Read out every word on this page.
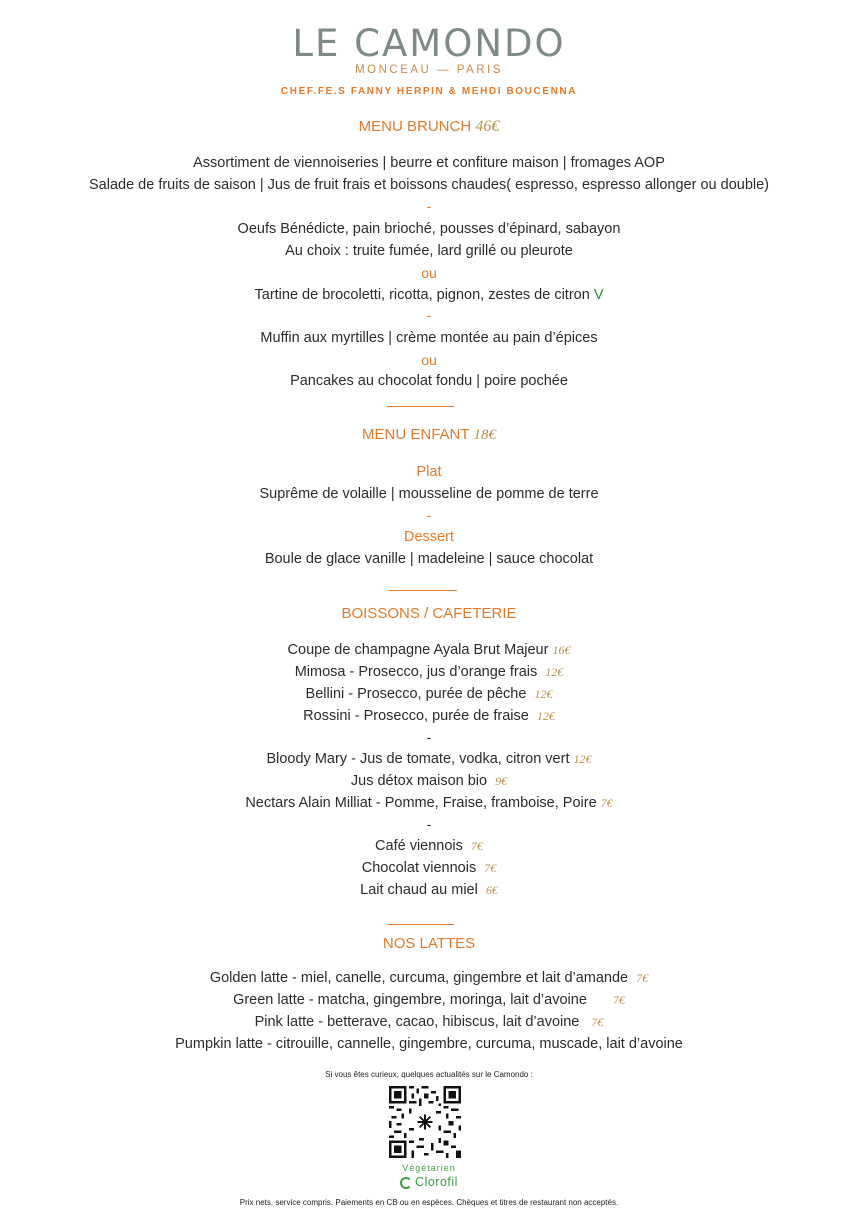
LE CAMONDO
MONCEAU — PARIS
CHEF.FE.S FANNY HERPIN & MEHDI BOUCENNA
MENU BRUNCH 46€
Assortiment de viennoiseries | beurre et confiture maison | fromages AOP
Salade de fruits de saison | Jus de fruit frais et boissons chaudes( espresso, espresso allonger ou double)
-
Oeufs Bénédicte, pain brioché, pousses d’épinard, sabayon
Au choix : truite fumée, lard grillé ou pleurote
ou
Tartine de brocoletti, ricotta, pignon, zestes de citron V
-
Muffin aux myrtilles | crème montée au pain d’épices
ou
Pancakes au chocolat fondu | poire pochée
MENU ENFANT 18€
Plat
Suprême de volaille | mousseline de pomme de terre
-
Dessert
Boule de glace vanille | madeleine | sauce chocolat
BOISSONS / CAFETERIE
Coupe de champagne Ayala Brut Majeur 16€
Mimosa - Prosecco, jus d’orange frais 12€
Bellini - Prosecco, purée de pêche 12€
Rossini - Prosecco, purée de fraise 12€
-
Bloody Mary - Jus de tomate, vodka, citron vert 12€
Jus détox maison bio 9€
Nectars Alain Milliat - Pomme, Fraise, framboise, Poire 7€
-
Café viennois 7€
Chocolat viennois 7€
Lait chaud au miel 6€
NOS LATTES
Golden latte - miel, canelle, curcuma, gingembre et lait d’amande 7€
Green latte - matcha, gingembre, moringa, lait d’avoine 7€
Pink latte - betterave, cacao, hibiscus, lait d’avoine 7€
Pumpkin latte - citrouille, cannelle, gingembre, curcuma, muscade, lait d’avoine
Si vous êtes curieux, quelques actualités sur le Camondo :
Végétarien
Clorofil
Prix nets. service compris. Paiements en CB ou en espèces. Chèques et titres de restaurant non acceptés.
